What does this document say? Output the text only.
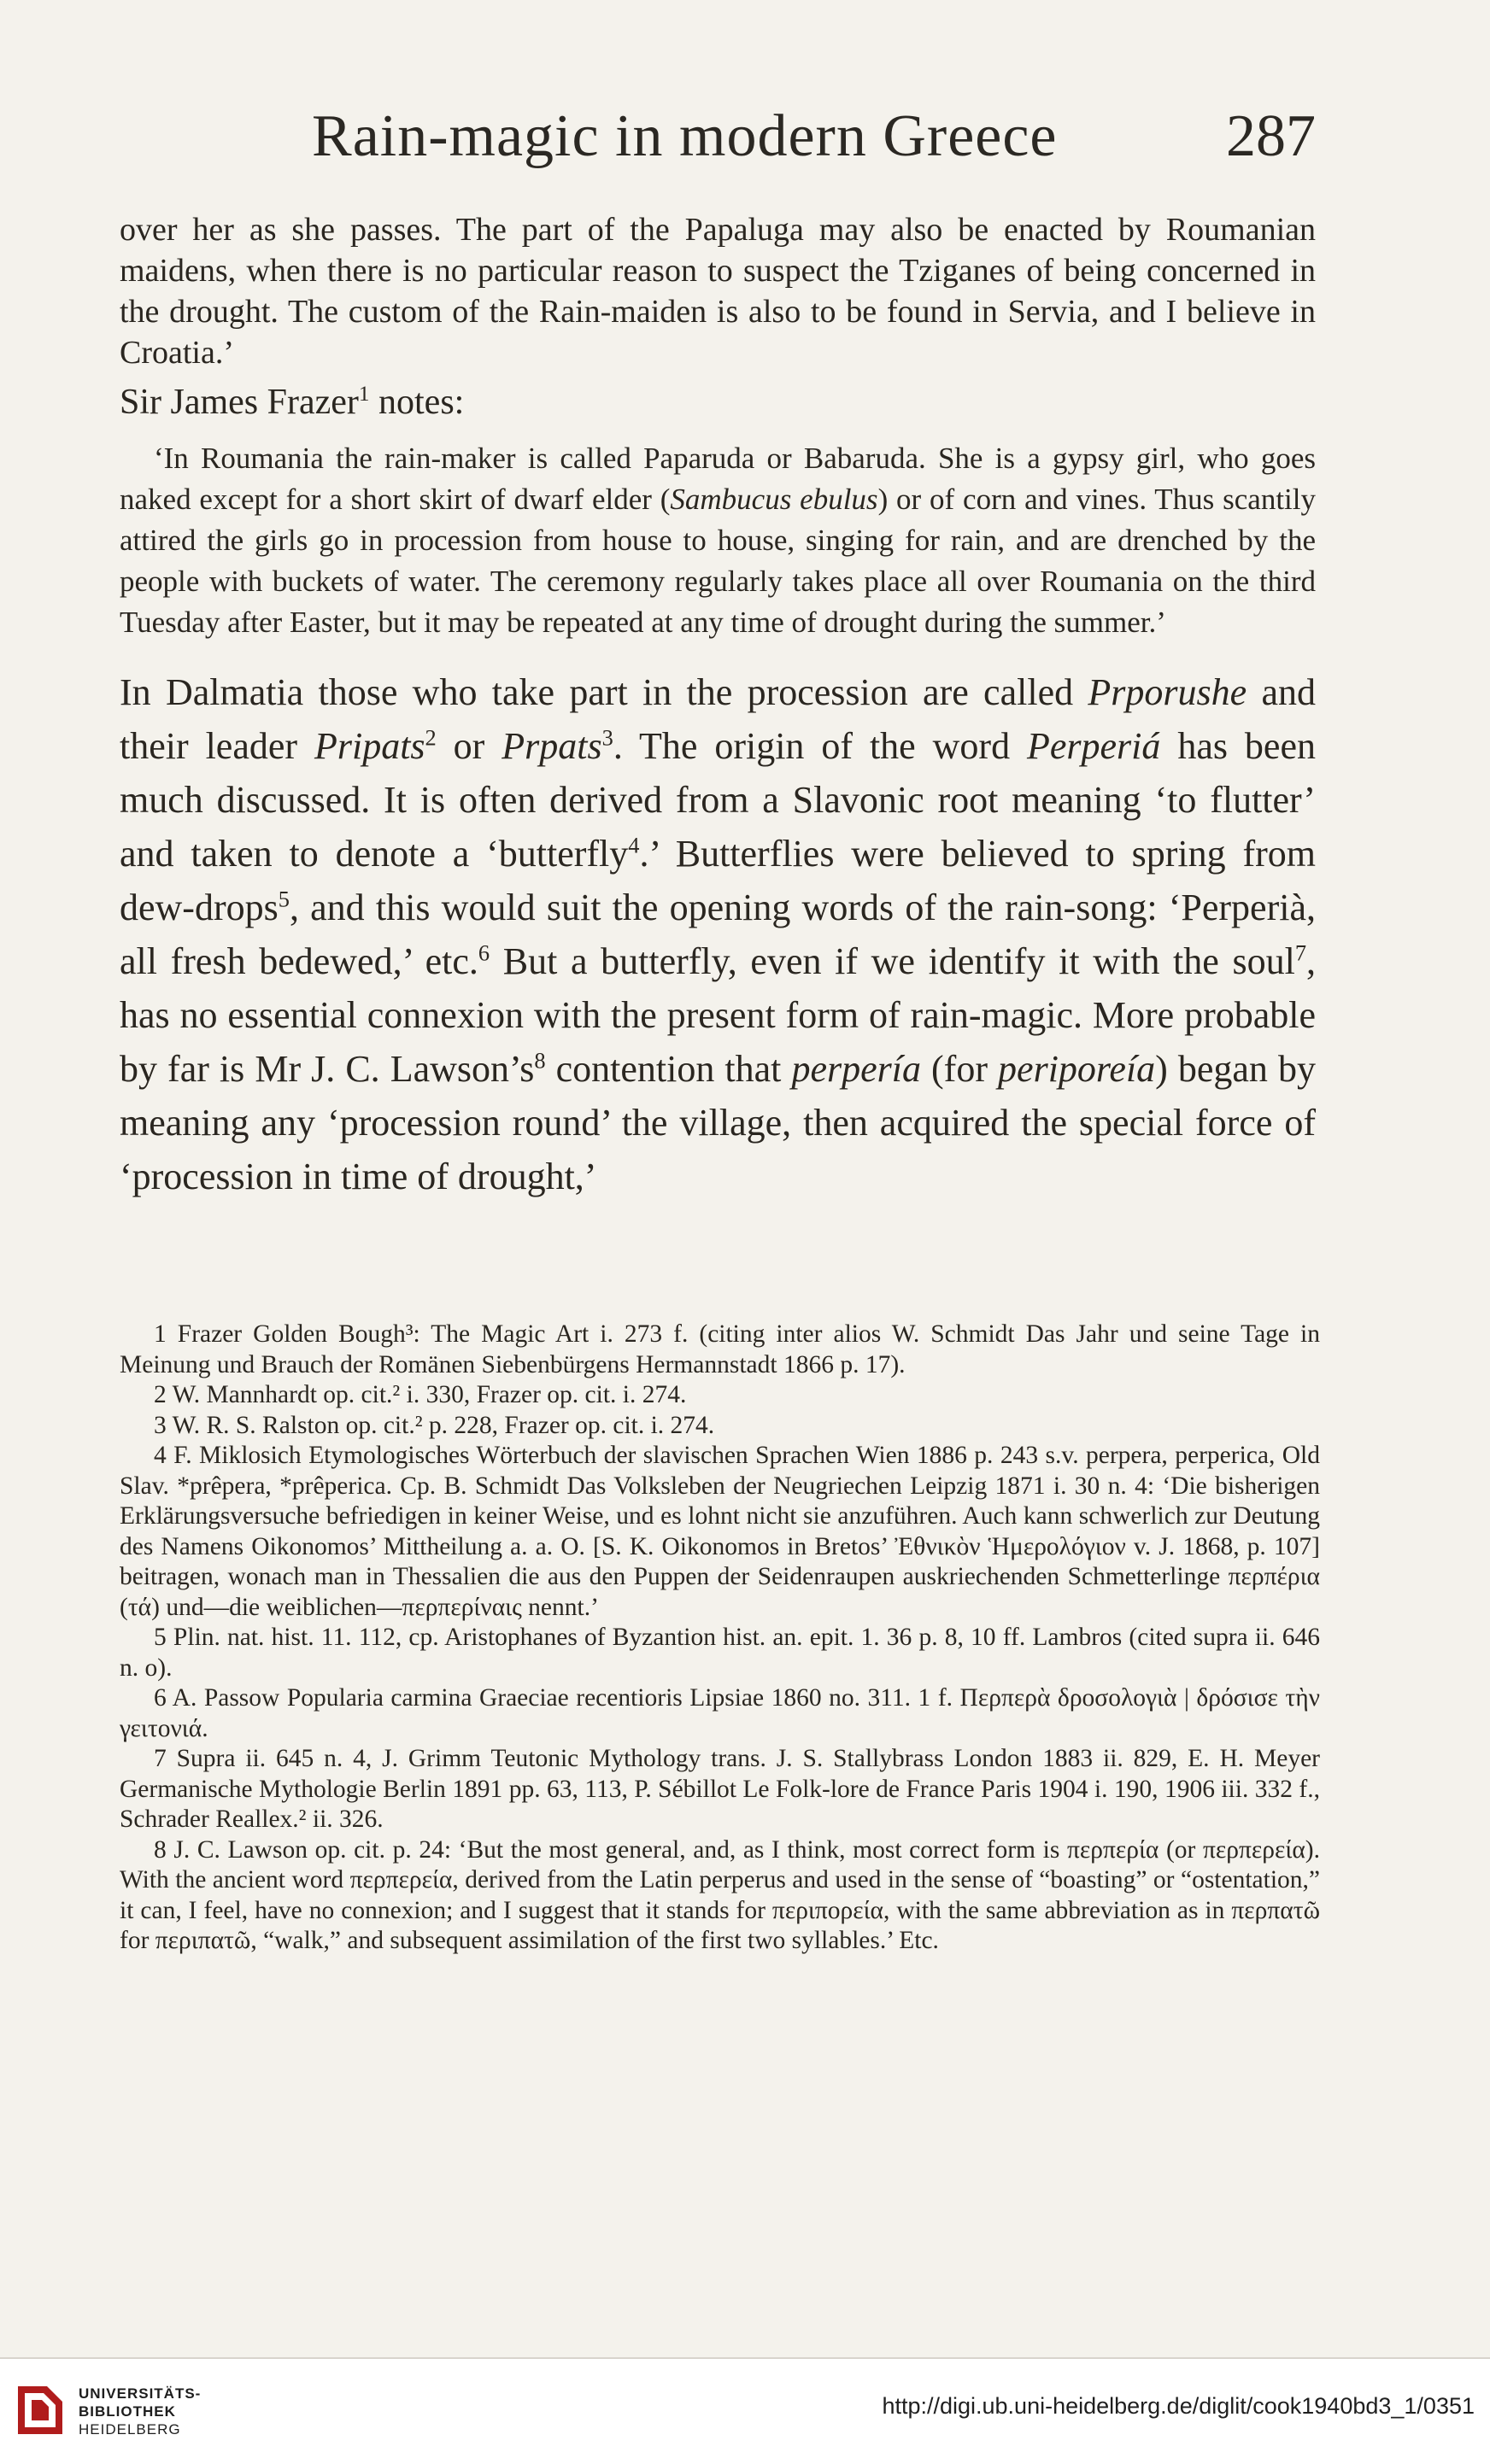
Rain-magic in modern Greece	287

over her as she passes. The part of the Papaluga may also be enacted by Roumanian maidens, when there is no particular reason to suspect the Tziganes of being concerned in the drought. The custom of the Rain-maiden is also to be found in Servia, and I believe in Croatia.’

Sir James Frazer$^1$ notes:

‘In Roumania the rain-maker is called Paparuda or Babaruda. She is a gypsy girl, who goes naked except for a short skirt of dwarf elder (Sambucus ebulus) or of corn and vines. Thus scantily attired the girls go in procession from house to house, singing for rain, and are drenched by the people with buckets of water. The ceremony regularly takes place all over Roumania on the third Tuesday after Easter, but it may be repeated at any time of drought during the summer.’

In Dalmatia those who take part in the procession are called Prporushe and their leader Pripats$^2$ or Prpats$^3$. The origin of the word Perperiá has been much discussed. It is often derived from a Slavonic root meaning ‘to flutter’ and taken to denote a ‘butterfly$^4$.’ Butterflies were believed to spring from dew-drops$^5$, and this would suit the opening words of the rain-song: ‘Perperià, all fresh bedewed,’ etc.$^6$ But a butterfly, even if we identify it with the soul$^7$, has no essential connexion with the present form of rain-magic. More probable by far is Mr J. C. $Lawson’s^8$ contention that perpería (for periporeía) began by meaning any ‘procession round’ the village, then acquired the special force of ‘procession in time of drought,’

1 Frazer Golden Bough³: The Magic Art i. 273 f. (citing inter alios W. Schmidt Das Jahr und seine Tage in Meinung und Brauch der Romänen Siebenbürgens Hermannstadt 1866 p. 17).

2 W. Mannhardt op. cit.² i. 330, Frazer op. cit. i. 274.

3 W. R. S. Ralston op. cit.² p. 228, Frazer op. cit. i. 274.

4 F. Miklosich Etymologisches Wörterbuch der slavischen Sprachen Wien 1886 p. 243 s.v. perpera, perperica, Old Slav. *prêpera, *prêperica. Cp. B. Schmidt Das Volksleben der Neugriechen Leipzig 1871 i. 30 n. 4: ‘Die bisherigen Erklärungsversuche befriedigen in keiner Weise, und es lohnt nicht sie anzuführen. Auch kann schwerlich zur Deutung des Namens Oikonomos’ Mittheilung a. a. O. [S. K. Oikonomos in Bretos’ Ἐθνικὸν Ἡμερολόγιον v. J. 1868, p. 107] beitragen, wonach man in Thessalien die aus den Puppen der Seidenraupen auskriechenden Schmetterlinge περπέρια (τά) und—die weiblichen—περπερίναις nennt.’

5 Plin. nat. hist. 11. 112, cp. Aristophanes of Byzantion hist. an. epit. 1. 36 p. 8, 10 ff. Lambros (cited supra ii. 646 n. o).

6 A. Passow Popularia carmina Graeciae recentioris Lipsiae 1860 no. 311. 1 f. Περπερὰ δροσολογιὰ | δρόσισε τὴν γειτονιά.

7 Supra ii. 645 n. 4, J. Grimm Teutonic Mythology trans. J. S. Stallybrass London 1883 ii. 829, E. H. Meyer Germanische Mythologie Berlin 1891 pp. 63, 113, P. Sébillot Le Folk-lore de France Paris 1904 i. 190, 1906 iii. 332 f., Schrader Reallex.² ii. 326.

8 J. C. Lawson op. cit. p. 24: ‘But the most general, and, as I think, most correct form is περπερία (or περπερεία). With the ancient word περπερεία, derived from the Latin perperus and used in the sense of “boasting” or “ostentation,” it can, I feel, have no connexion; and I suggest that it stands for περιπορεία, with the same abbreviation as in περπατῶ for περιπατῶ, “walk,” and subsequent assimilation of the first two syllables.’ Etc.

UNIVERSITÄTS-
BIBLIOTHEK
HEIDELBERG
http://digi.ub.uni-heidelberg.de/diglit/cook1940bd3_1/0351
